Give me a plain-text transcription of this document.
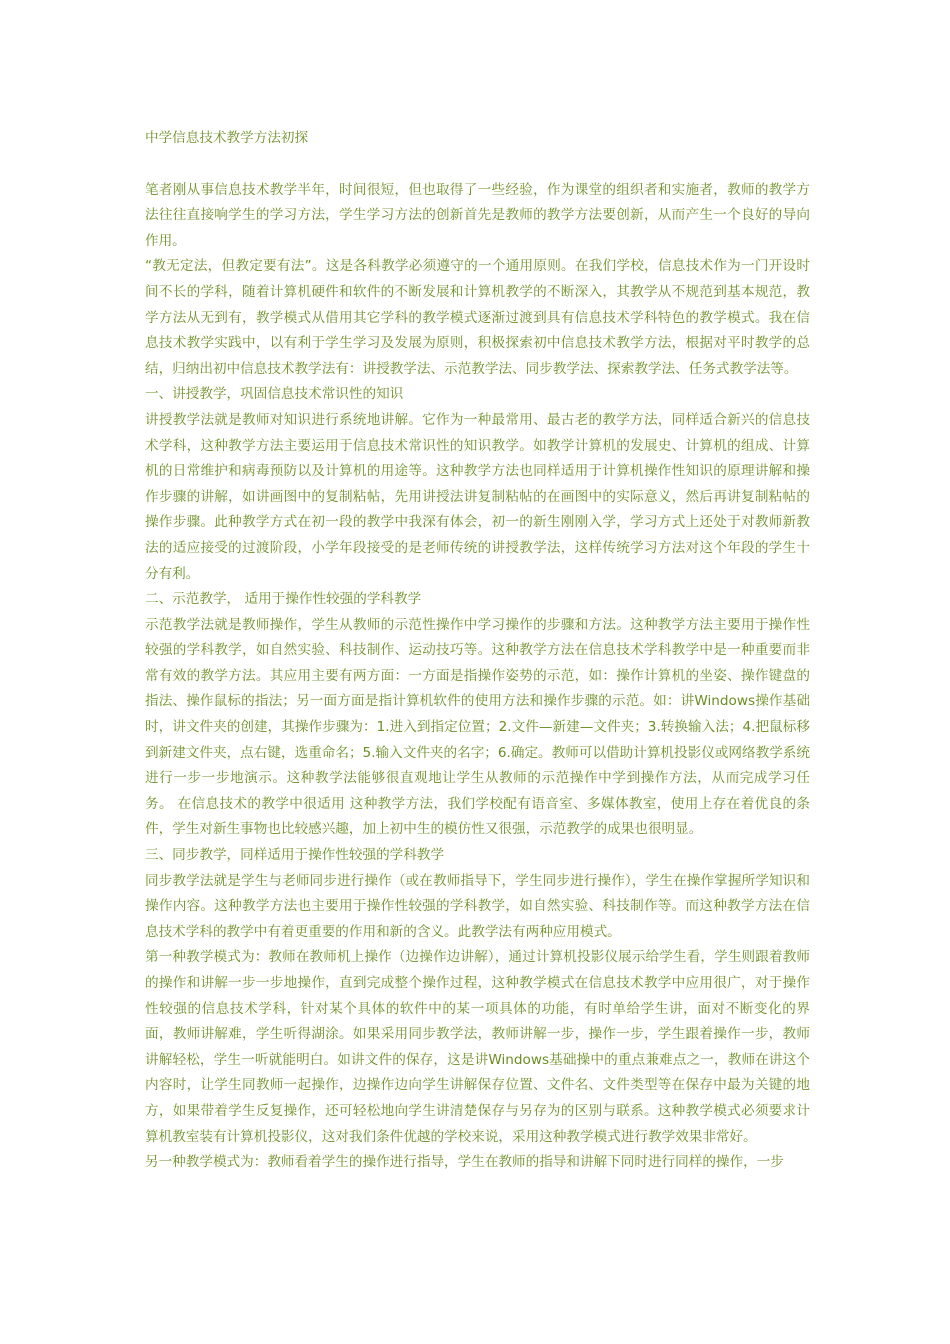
中学信息技术教学方法初探

笔者刚从事信息技术教学半年，时间很短，但也取得了一些经验，作为课堂的组织者和实施者，教师的教学方法往往直接响学生的学习方法，学生学习方法的创新首先是教师的教学方法要创新，从而产生一个良好的导向作用。

“教无定法，但教定要有法”。这是各科教学必须遵守的一个通用原则。在我们学校，信息技术作为一门开设时间不长的学科，随着计算机硬件和软件的不断发展和计算机教学的不断深入，其教学从不规范到基本规范，教学方法从无到有，教学模式从借用其它学科的教学模式逐渐过渡到具有信息技术学科特色的教学模式。我在信息技术教学实践中，以有利于学生学习及发展为原则，积极探索初中信息技术教学方法，根据对平时教学的总结，归纳出初中信息技术教学法有：讲授教学法、示范教学法、同步教学法、探索教学法、任务式教学法等。

一、讲授教学，巩固信息技术常识性的知识

讲授教学法就是教师对知识进行系统地讲解。它作为一种最常用、最古老的教学方法，同样适合新兴的信息技术学科，这种教学方法主要运用于信息技术常识性的知识教学。如教学计算机的发展史、计算机的组成、计算机的日常维护和病毒预防以及计算机的用途等。这种教学方法也同样适用于计算机操作性知识的原理讲解和操作步骤的讲解，如讲画图中的复制粘帖，先用讲授法讲复制粘帖的在画图中的实际意义，然后再讲复制粘帖的操作步骤。此种教学方式在初一段的教学中我深有体会，初一的新生刚刚入学，学习方式上还处于对教师新教法的适应接受的过渡阶段，小学年段接受的是老师传统的讲授教学法，这样传统学习方法对这个年段的学生十分有利。

二、示范教学， 适用于操作性较强的学科教学

示范教学法就是教师操作，学生从教师的示范性操作中学习操作的步骤和方法。这种教学方法主要用于操作性较强的学科教学，如自然实验、科技制作、运动技巧等。这种教学方法在信息技术学科教学中是一种重要而非常有效的教学方法。其应用主要有两方面：一方面是指操作姿势的示范，如：操作计算机的坐姿、操作键盘的指法、操作鼠标的指法；另一面方面是指计算机软件的使用方法和操作步骤的示范。如：讲Windows操作基础时，讲文件夹的创建，其操作步骤为：1.进入到指定位置；2.文件—新建—文件夹；3.转换输入法；4.把鼠标移到新建文件夹，点右键，选重命名；5.输入文件夹的名字；6.确定。教师可以借助计算机投影仪或网络教学系统进行一步一步地演示。这种教学法能够很直观地让学生从教师的示范操作中学到操作方法，从而完成学习任务。 在信息技术的教学中很适用 这种教学方法，我们学校配有语音室、多媒体教室，使用上存在着优良的条件，学生对新生事物也比较感兴趣，加上初中生的模仿性又很强，示范教学的成果也很明显。

三、同步教学，同样适用于操作性较强的学科教学

同步教学法就是学生与老师同步进行操作（或在教师指导下，学生同步进行操作），学生在操作掌握所学知识和操作内容。这种教学方法也主要用于操作性较强的学科教学，如自然实验、科技制作等。而这种教学方法在信息技术学科的教学中有着更重要的作用和新的含义。此教学法有两种应用模式。

第一种教学模式为：教师在教师机上操作（边操作边讲解），通过计算机投影仪展示给学生看，学生则跟着教师的操作和讲解一步一步地操作，直到完成整个操作过程，这种教学模式在信息技术教学中应用很广，对于操作性较强的信息技术学科，针对某个具体的软件中的某一项具体的功能，有时单给学生讲，面对不断变化的界面，教师讲解难，学生听得湖涂。如果采用同步教学法，教师讲解一步，操作一步，学生跟着操作一步，教师讲解轻松，学生一听就能明白。如讲文件的保存，这是讲Windows基础操中的重点兼难点之一，教师在讲这个内容时，让学生同教师一起操作，边操作边向学生讲解保存位置、文件名、文件类型等在保存中最为关键的地方，如果带着学生反复操作，还可轻松地向学生讲清楚保存与另存为的区别与联系。这种教学模式必须要求计算机教室装有计算机投影仪，这对我们条件优越的学校来说，采用这种教学模式进行教学效果非常好。

另一种教学模式为：教师看着学生的操作进行指导，学生在教师的指导和讲解下同时进行同样的操作，一步
